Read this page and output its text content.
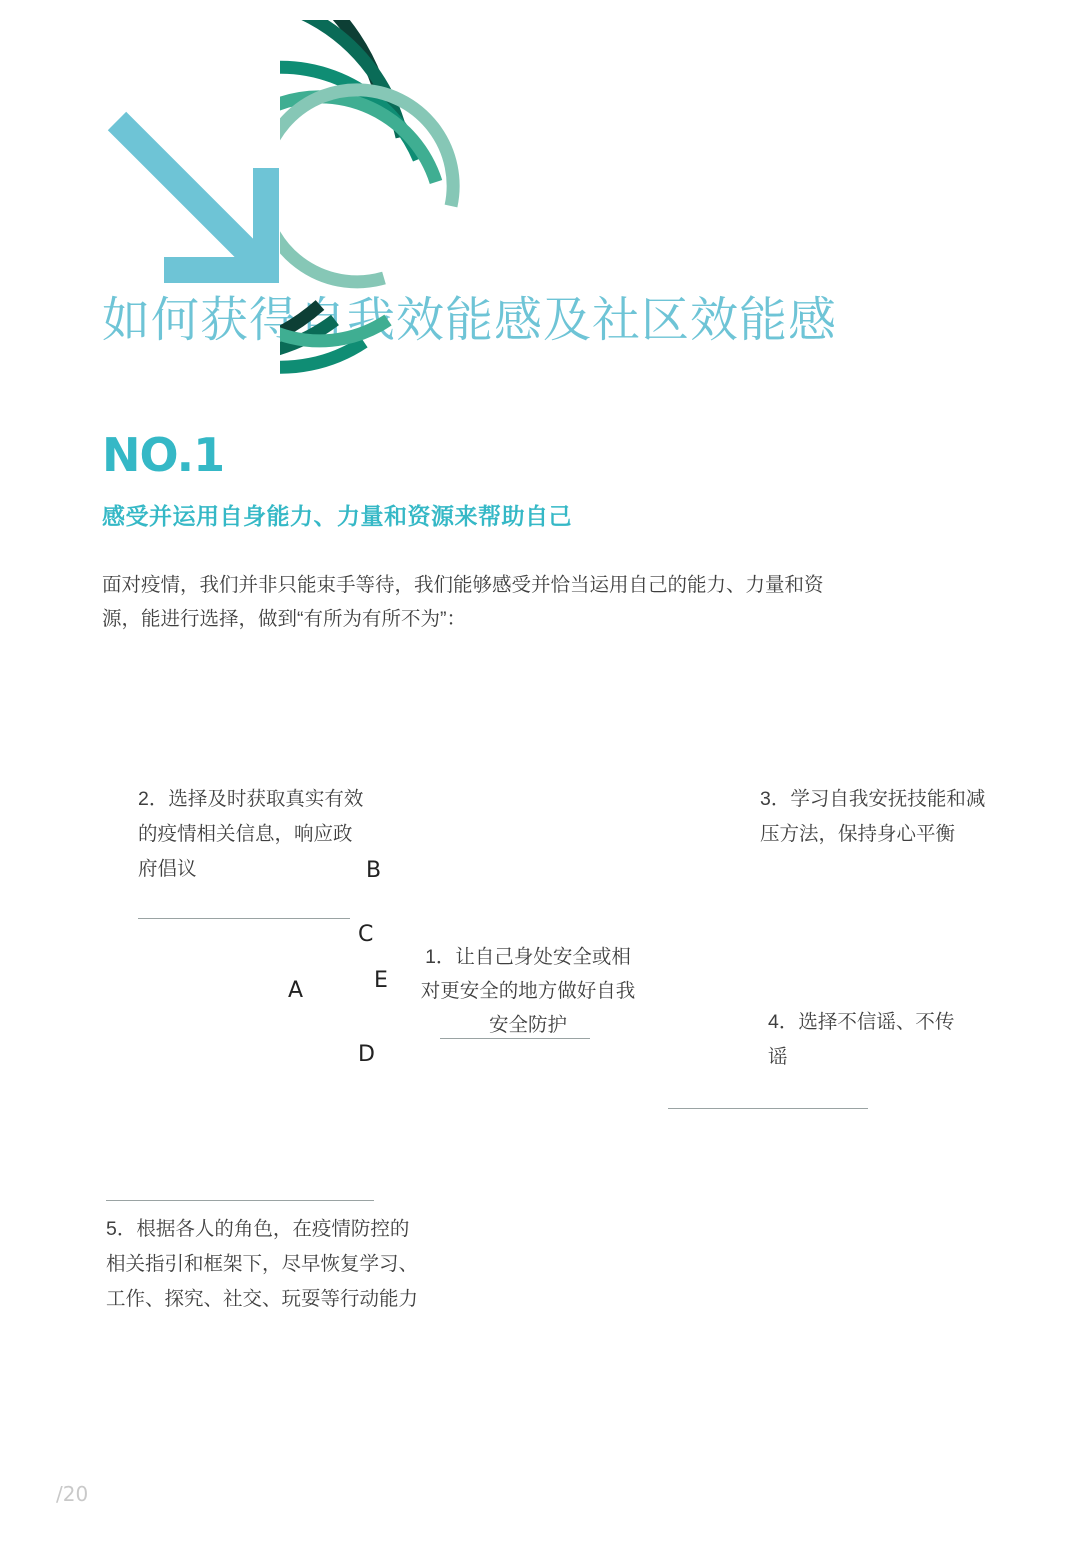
如何获得自我效能感及社区效能感
NO.1
感受并运用自身能力、力量和资源来帮助自己
面对疫情，我们并非只能束手等待，我们能够感受并恰当运用自己的能力、力量和资源，能进行选择，做到“有所为有所不为”：
A
B
C
D
E
1．让自己身处安全或相对更安全的地方做好自我安全防护
2．选择及时获取真实有效的疫情相关信息，响应政府倡议
3．学习自我安抚技能和减压方法，保持身心平衡
4．选择不信谣、不传谣
5．根据各人的角色，在疫情防控的相关指引和框架下，尽早恢复学习、工作、探究、社交、玩耍等行动能力
/20
